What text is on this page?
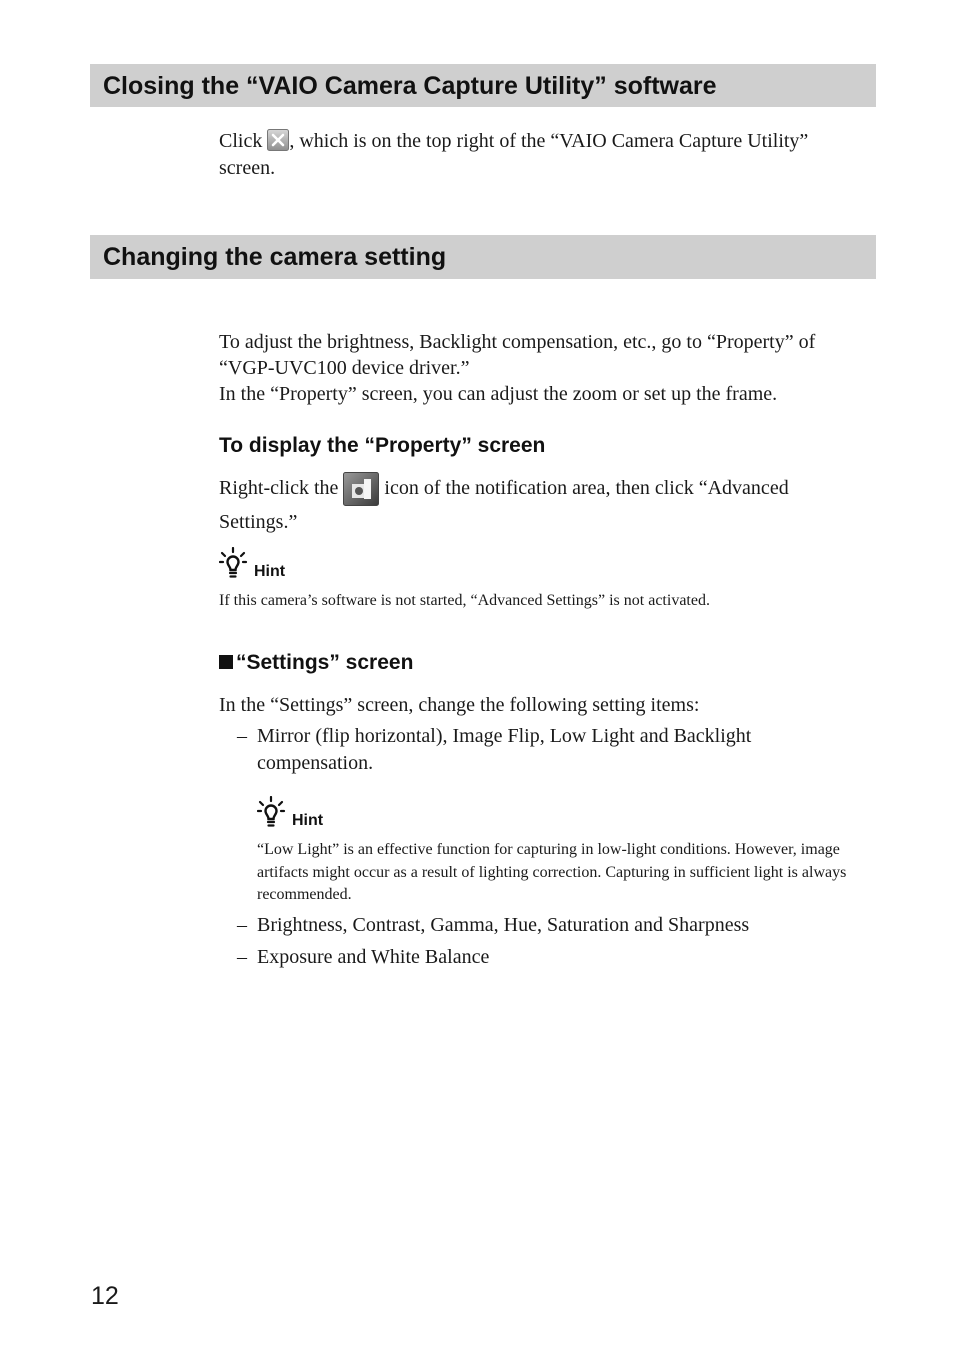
Closing the “VAIO Camera Capture Utility” software
Click , which is on the top right of the “VAIO Camera Capture Utility” screen.
Changing the camera setting
To adjust the brightness, Backlight compensation, etc., go to “Property” of “VGP-UVC100 device driver.”
In the “Property” screen, you can adjust the zoom or set up the frame.
To display the “Property” screen
Right-click the  icon of the notification area, then click “Advanced Settings.”
Hint
If this camera’s software is not started, “Advanced Settings” is not activated.
“Settings” screen
In the “Settings” screen, change the following setting items:
– Mirror (flip horizontal), Image Flip, Low Light and Backlight compensation.
Hint
“Low Light” is an effective function for capturing in low-light conditions. However, image artifacts might occur as a result of lighting correction. Capturing in sufficient light is always recommended.
– Brightness, Contrast, Gamma, Hue, Saturation and Sharpness
– Exposure and White Balance
12
